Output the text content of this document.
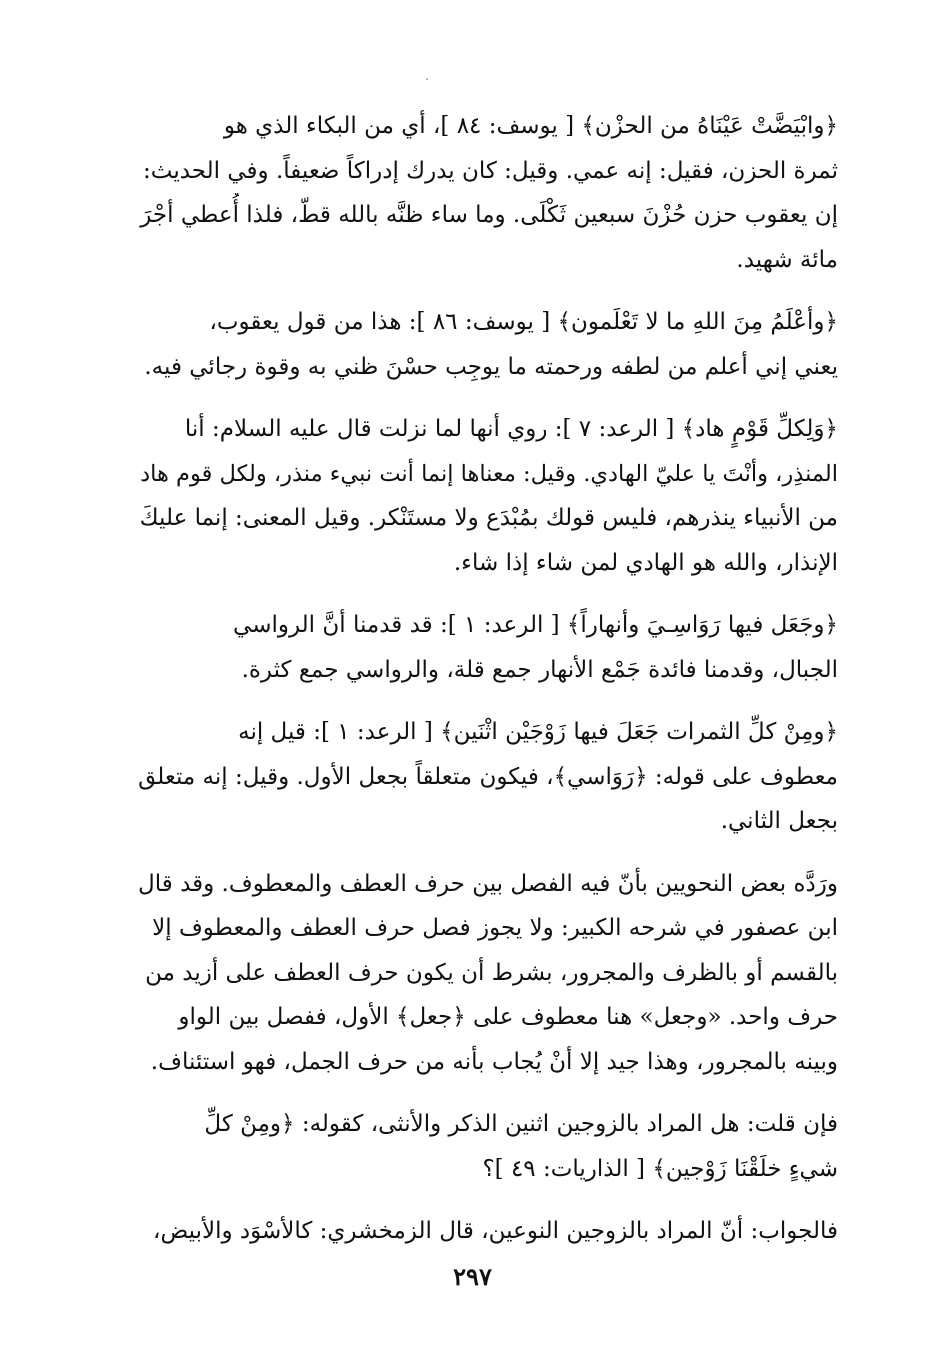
﴿وابْيَضَّتْ عَيْنَاهُ من الحزْن﴾ [ يوسف: ٨٤ ]، أي من البكاء الذي هو
ثمرة الحزن، فقيل: إنه عمي. وقيل: كان يدرك إدراكاً ضعيفاً. وفي الحديث:
إن يعقوب حزن حُزْنَ سبعين ثَكْلَى. وما ساء ظنَّه بالله قطّ، فلذا أُعطي أجْرَ
مائة شهيد.
﴿وأعْلَمُ مِنَ اللهِ ما لا تَعْلَمون﴾ [ يوسف: ٨٦ ]: هذا من قول يعقوب،
يعني إني أعلم من لطفه ورحمته ما يوجِب حسْنَ ظني به وقوة رجائي فيه.
﴿وَلِكلِّ قَوْمٍ هاد﴾ [ الرعد: ٧ ]: روي أنها لما نزلت قال عليه السلام: أنا
المنذِر، وأنْتَ يا عليّ الهادي. وقيل: معناها إنما أنت نبيء منذر، ولكل قوم هاد
من الأنبياء ينذرهم، فليس قولك بمُبْدَع ولا مستَنْكر. وقيل المعنى: إنما عليكَ
الإنذار، والله هو الهادي لمن شاء إذا شاء.
﴿وجَعَل فيها رَوَاسِـيَ وأنهاراً﴾ [ الرعد: ١ ]: قد قدمنا أنَّ الرواسي
الجبال، وقدمنا فائدة جَمْع الأنهار جمع قلة، والرواسي جمع كثرة.
﴿ومِنْ كلِّ الثمرات جَعَلَ فيها زَوْجَيْن اثْنَين﴾ [ الرعد: ١ ]: قيل إنه
معطوف على قوله: ﴿رَوَاسي﴾، فيكون متعلقاً بجعل الأول. وقيل: إنه متعلق
بجعل الثاني.
ورَدَّه بعض النحويين بأنّ فيه الفصل بين حرف العطف والمعطوف. وقد قال
ابن عصفور في شرحه الكبير: ولا يجوز فصل حرف العطف والمعطوف إلا
بالقسم أو بالظرف والمجرور، بشرط أن يكون حرف العطف على أزيد من
حرف واحد. «وجعل» هنا معطوف على ﴿جعل﴾ الأول، ففصل بين الواو
وبينه بالمجرور، وهذا جيد إلا أنْ يُجاب بأنه من حرف الجمل، فهو استئناف.
فإن قلت: هل المراد بالزوجين اثنين الذكر والأنثى، كقوله: ﴿ومِنْ كلِّ
شيءٍ خلَقْنَا زَوْجين﴾ [ الذاريات: ٤٩ ]؟
فالجواب: أنّ المراد بالزوجين النوعين، قال الزمخشري: كالأسْوَد والأبيض،
٢٩٧
